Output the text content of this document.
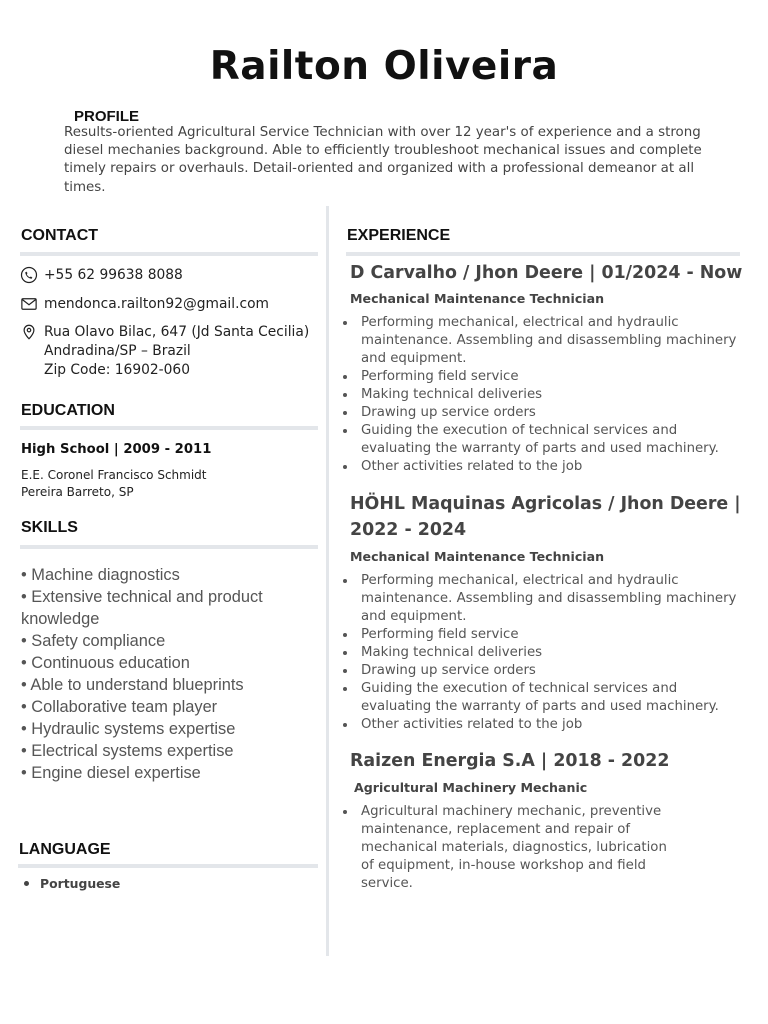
Railton Oliveira
PROFILE
Results-oriented Agricultural Service Technician with over 12 year's of experience and a strong diesel mechanies background. Able to efficiently troubleshoot mechanical issues and complete timely repairs or overhauls. Detail-oriented and organized with a professional demeanor at all times.
CONTACT
+55 62 99638 8088
mendonca.railton92@gmail.com
Rua Olavo Bilac, 647 (Jd Santa Cecilia)
Andradina/SP – Brazil
Zip Code: 16902-060
EDUCATION
High School | 2009 - 2011
E.E. Coronel Francisco Schmidt
Pereira Barreto, SP
SKILLS
• Machine diagnostics
• Extensive technical and product knowledge
• Safety compliance
• Continuous education
• Able to understand blueprints
• Collaborative team player
• Hydraulic systems expertise
• Electrical systems expertise
• Engine diesel expertise
LANGUAGE
Portuguese
EXPERIENCE
D Carvalho / Jhon Deere | 01/2024 - Now
Mechanical Maintenance Technician
Performing mechanical, electrical and hydraulic maintenance. Assembling and disassembling machinery and equipment.
Performing field service
Making technical deliveries
Drawing up service orders
Guiding the execution of technical services and evaluating the warranty of parts and used machinery.
Other activities related to the job
HÖHL Maquinas Agricolas / Jhon Deere | 2022 - 2024
Mechanical Maintenance Technician
Performing mechanical, electrical and hydraulic maintenance. Assembling and disassembling machinery and equipment.
Performing field service
Making technical deliveries
Drawing up service orders
Guiding the execution of technical services and evaluating the warranty of parts and used machinery.
Other activities related to the job
Raizen Energia S.A | 2018 - 2022
Agricultural Machinery Mechanic
Agricultural machinery mechanic, preventive maintenance, replacement and repair of mechanical materials, diagnostics, lubrication of equipment, in-house workshop and field service.
